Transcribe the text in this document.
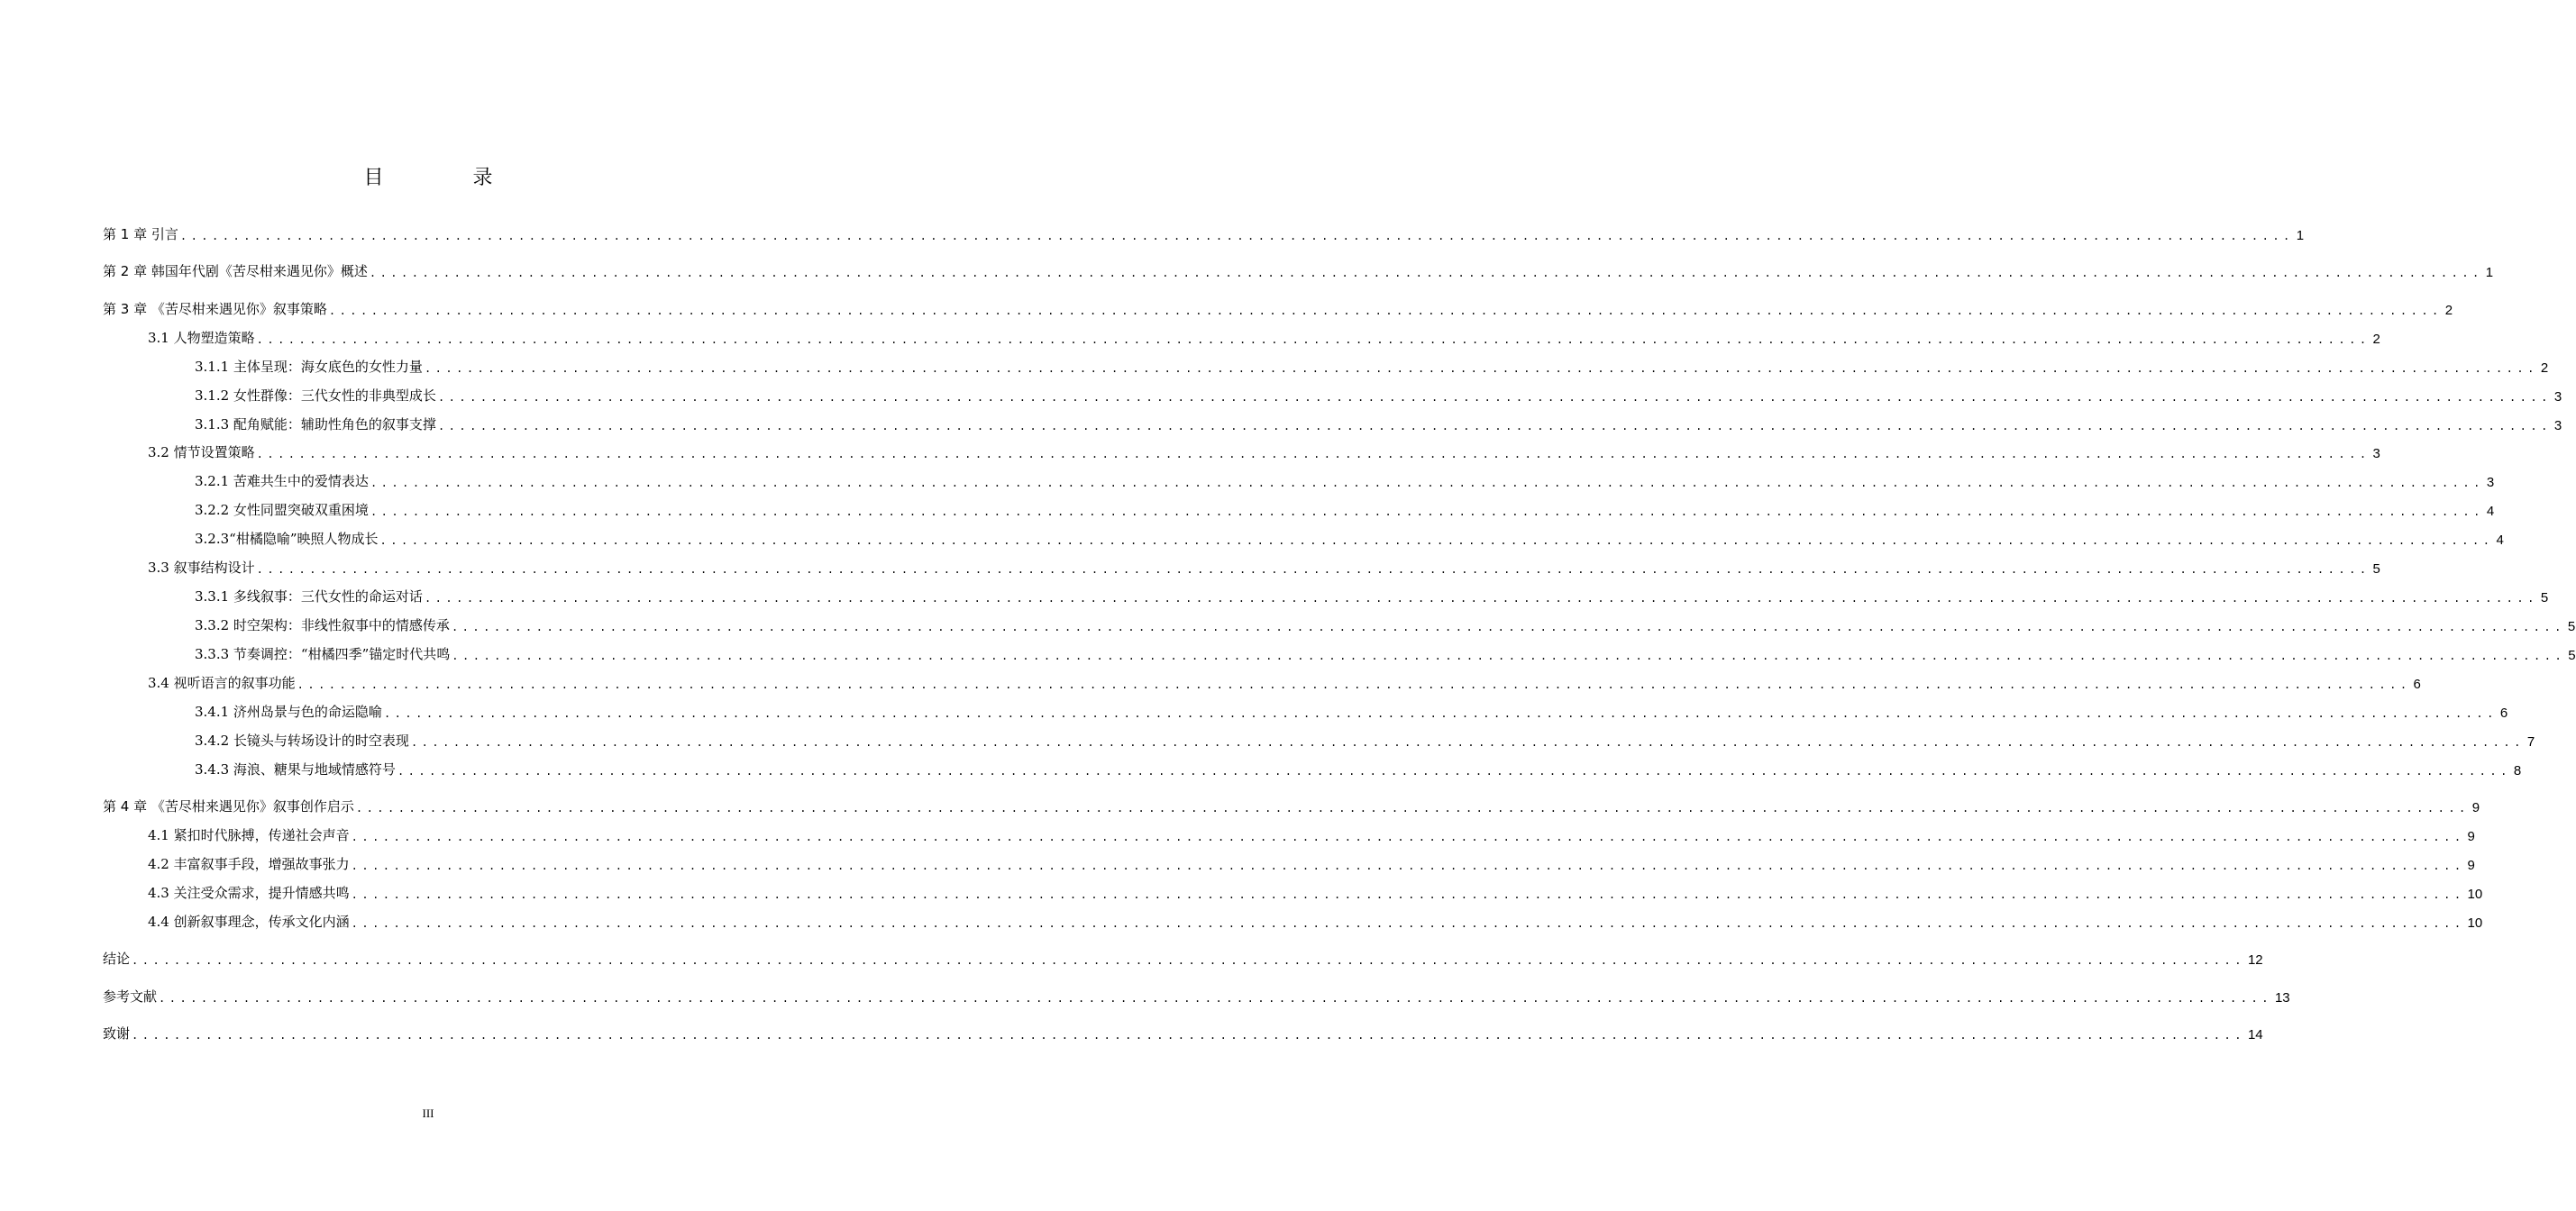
目 录
第 1 章 引言 ........................................................................................................................................................................................................ 1
第 2 章 韩国年代剧《苦尽柑来遇见你》概述 ........................................................................................................................................................................................................ 1
第 3 章 《苦尽柑来遇见你》叙事策略 ........................................................................................................................................................................................................ 2
3.1 人物塑造策略 ........................................................................................................................................................................................................ 2
3.1.1 主体呈现：海女底色的女性力量 ........................................................................................................................................................................................................ 2
3.1.2 女性群像：三代女性的非典型成长 ........................................................................................................................................................................................................ 3
3.1.3 配角赋能：辅助性角色的叙事支撑 ........................................................................................................................................................................................................ 3
3.2 情节设置策略 ........................................................................................................................................................................................................ 3
3.2.1 苦难共生中的爱情表达 ........................................................................................................................................................................................................ 3
3.2.2 女性同盟突破双重困境 ........................................................................................................................................................................................................ 4
3.2.3“柑橘隐喻”映照人物成长 ........................................................................................................................................................................................................ 4
3.3 叙事结构设计 ........................................................................................................................................................................................................ 5
3.3.1 多线叙事：三代女性的命运对话 ........................................................................................................................................................................................................ 5
3.3.2 时空架构：非线性叙事中的情感传承 ........................................................................................................................................................................................................ 5
3.3.3 节奏调控：“柑橘四季”锚定时代共鸣 ........................................................................................................................................................................................................ 5
3.4 视听语言的叙事功能 ........................................................................................................................................................................................................ 6
3.4.1 济州岛景与色的命运隐喻 ........................................................................................................................................................................................................ 6
3.4.2 长镜头与转场设计的时空表现 ........................................................................................................................................................................................................ 7
3.4.3 海浪、糖果与地域情感符号 ........................................................................................................................................................................................................ 8
第 4 章 《苦尽柑来遇见你》叙事创作启示 ........................................................................................................................................................................................................ 9
4.1 紧扣时代脉搏，传递社会声音 ........................................................................................................................................................................................................ 9
4.2 丰富叙事手段，增强故事张力 ........................................................................................................................................................................................................ 9
4.3 关注受众需求，提升情感共鸣 ........................................................................................................................................................................................................ 10
4.4 创新叙事理念，传承文化内涵 ........................................................................................................................................................................................................ 10
结论 ........................................................................................................................................................................................................ 12
参考文献 ........................................................................................................................................................................................................ 13
致谢 ........................................................................................................................................................................................................ 14
III
